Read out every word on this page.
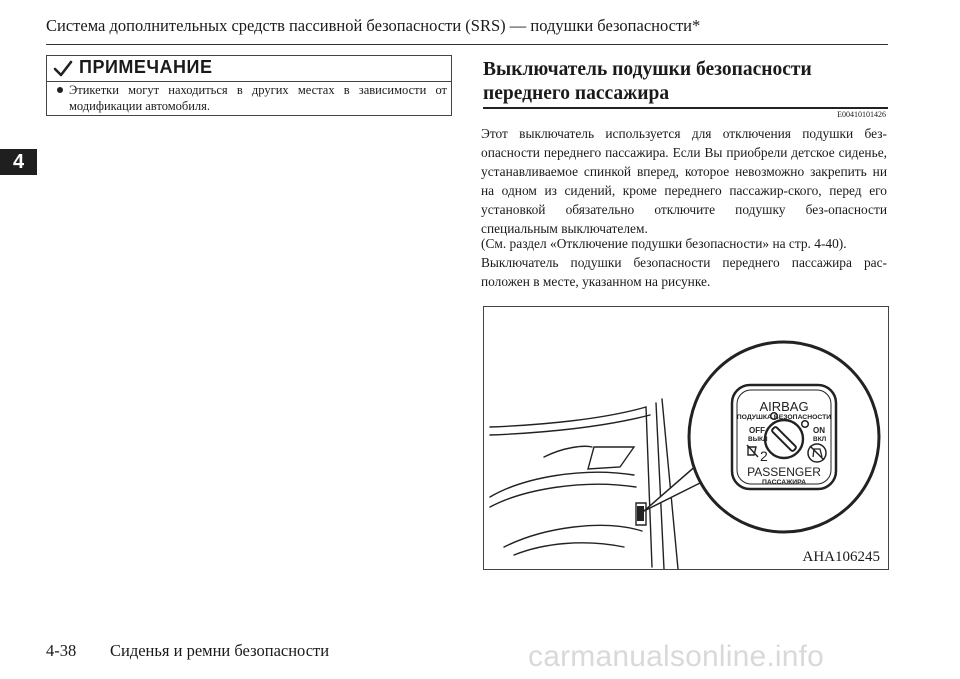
Система дополнительных средств пассивной безопасности (SRS) — подушки безопасности*
4
ПРИМЕЧАНИЕ
Этикетки могут находиться в других местах в зависимости от модификации автомобиля.
Выключатель подушки безопасности переднего пассажира
E00410101426
Этот выключатель используется для отключения подушки без-опасности переднего пассажира. Если Вы приобрели детское сиденье, устанавливаемое спинкой вперед, которое невозможно закрепить ни на одном из сидений, кроме переднего пассажир-ского, перед его установкой обязательно отключите подушку без-опасности специальным выключателем.
(См. раздел «Отключение подушки безопасности» на стр. 4-40).
Выключатель подушки безопасности переднего пассажира рас-положен в месте, указанном на рисунке.
AIRBAG
ПОДУШКА БЕЗОПАСНОСТИ
OFF
ВЫКЛ
ON
ВКЛ
2
PASSENGER
ПАССАЖИРА
AHA106245
4-38 Сиденья и ремни безопасности	carmanualsonline.info
